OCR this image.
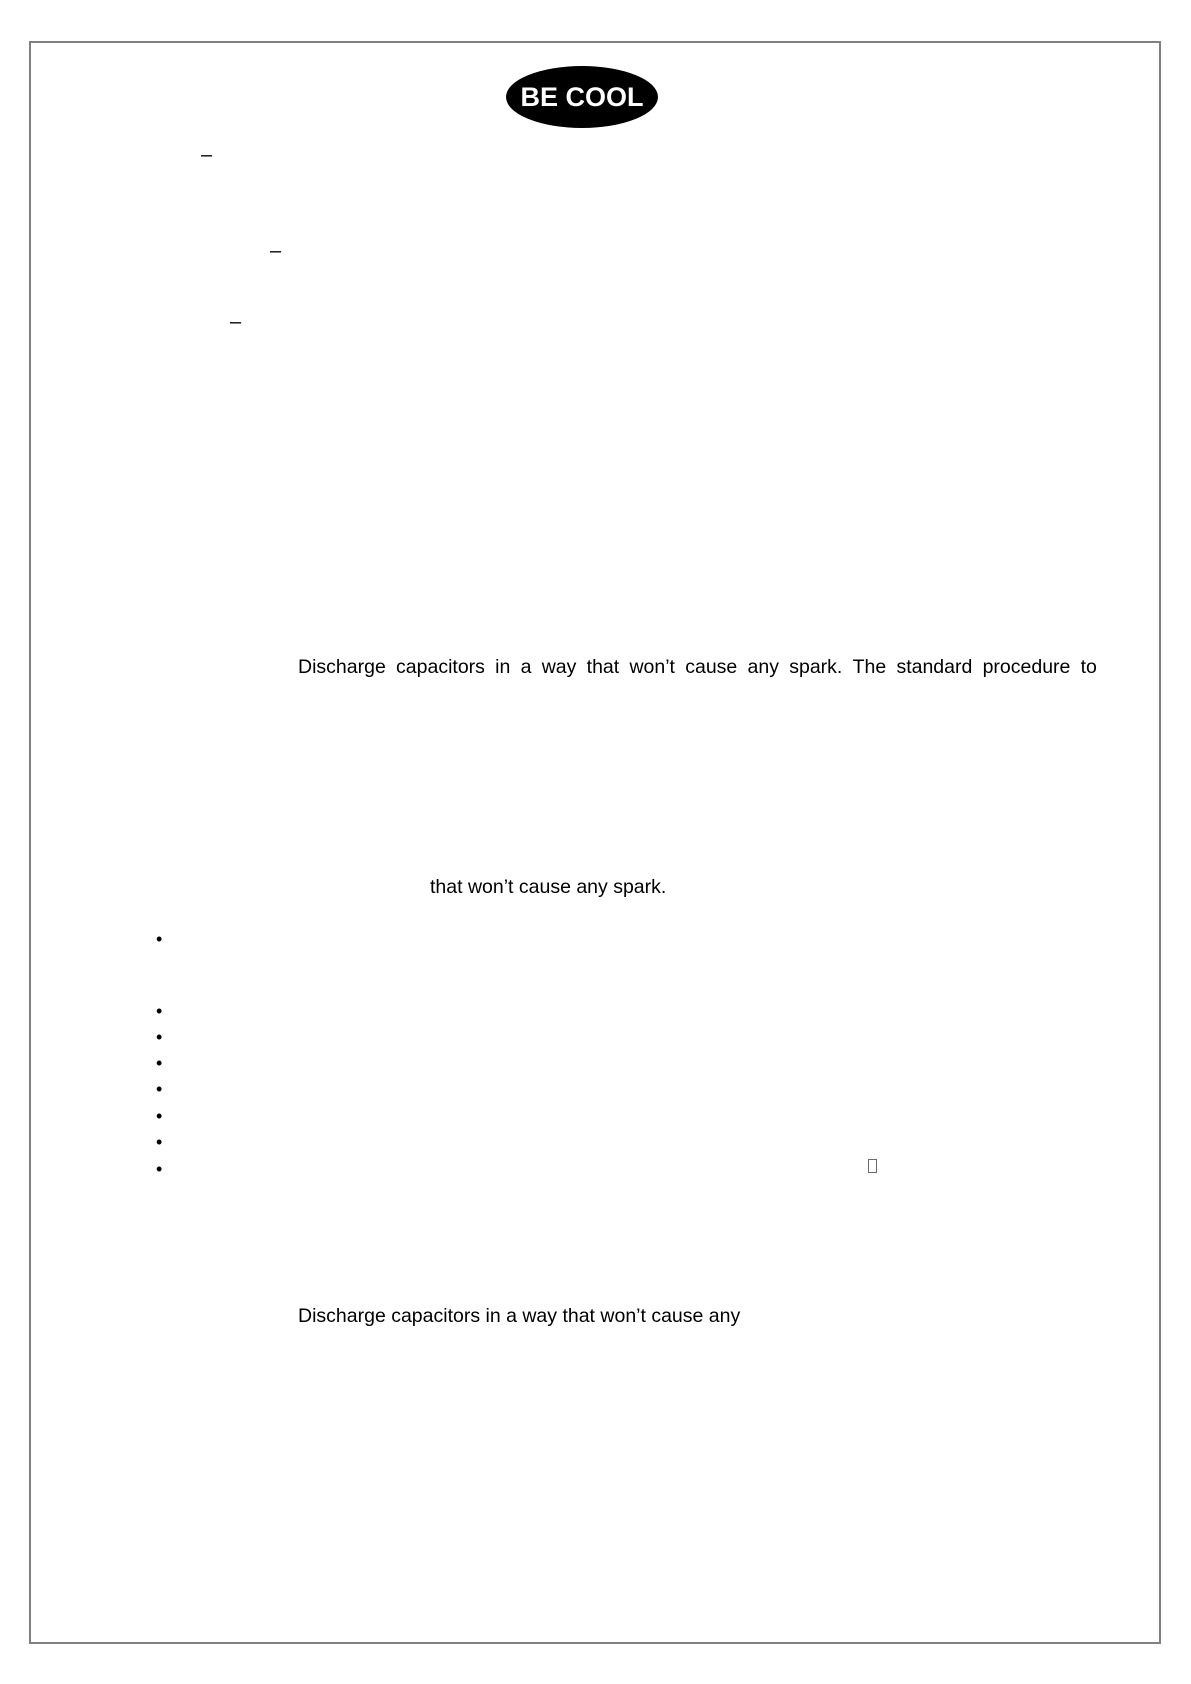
BE COOL
–
–
–
Discharge capacitors in a way that won’t cause any spark. The standard procedure to
that won’t cause any spark.
•
•
•
•
•
•
•
•
Discharge capacitors in a way that won’t cause any
